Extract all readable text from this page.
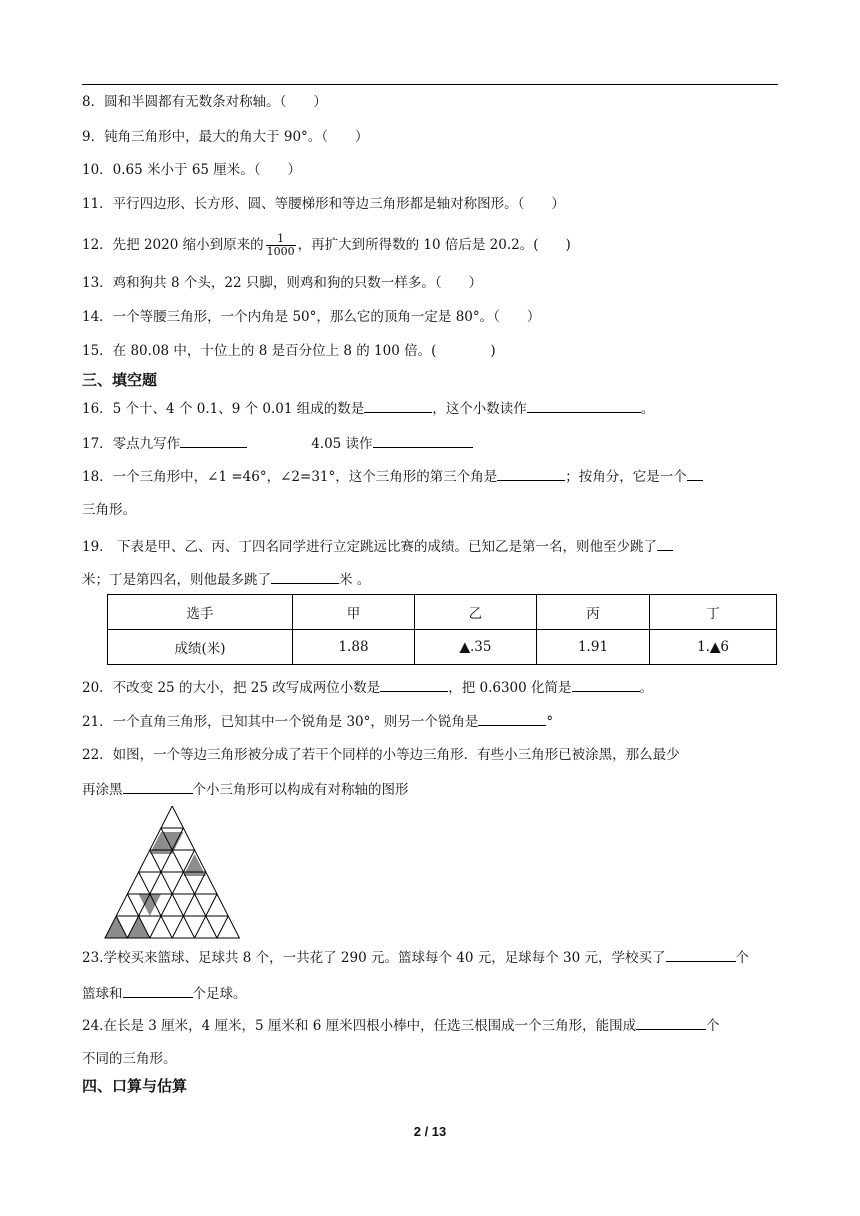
8．圆和半圆都有无数条对称轴。（　　）
9．钝角三角形中，最大的角大于 90°。（　　）
10．0.65 米小于 65 厘米。（　　）
11．平行四边形、长方形、圆、等腰梯形和等边三角形都是轴对称图形。（　　）
12．先把 2020 缩小到原来的 $\frac{1}{1000}$ ，再扩大到所得数的 10 倍后是 20.2。(　　)
13．鸡和狗共 8 个头，22 只脚，则鸡和狗的只数一样多。（　　）
14．一个等腰三角形，一个内角是 50°，那么它的顶角一定是 80°。（　　）
15．在 80.08 中，十位上的 8 是百分位上 8 的 100 倍。(　　　　)
三、填空题
16．5 个十、4 个 0.1、9 个 0.01 组成的数是	，这个小数读作	。
17．零点九写作	4.05 读作
18．一个三角形中，∠1 =46°，∠2=31°，这个三角形的第三个角是	；按角分，它是一个
三角形。
19． 下表是甲、乙、丙、丁四名同学进行立定跳远比赛的成绩。已知乙是第一名，则他至少跳了
米；丁是第四名，则他最多跳了	米 。
选手	甲	乙	丙	丁
成绩(米)	1.88	▲.35	1.91	1.▲6
20．不改变 25 的大小，把 25 改写成两位小数是	，把 0.6300 化简是	。
21．一个直角三角形，已知其中一个锐角是 30°，则另一个锐角是	°
22．如图，一个等边三角形被分成了若干个同样的小等边三角形．有些小三角形已被涂黑，那么最少
再涂黑	个小三角形可以构成有对称轴的图形
23.学校买来篮球、足球共 8 个，一共花了 290 元。篮球每个 40 元，足球每个 30 元，学校买了	个
篮球和	个足球。
24.在长是 3 厘米，4 厘米，5 厘米和 6 厘米四根小棒中，任选三根围成一个三角形，能围成	个
不同的三角形。
四、口算与估算
2 / 13
